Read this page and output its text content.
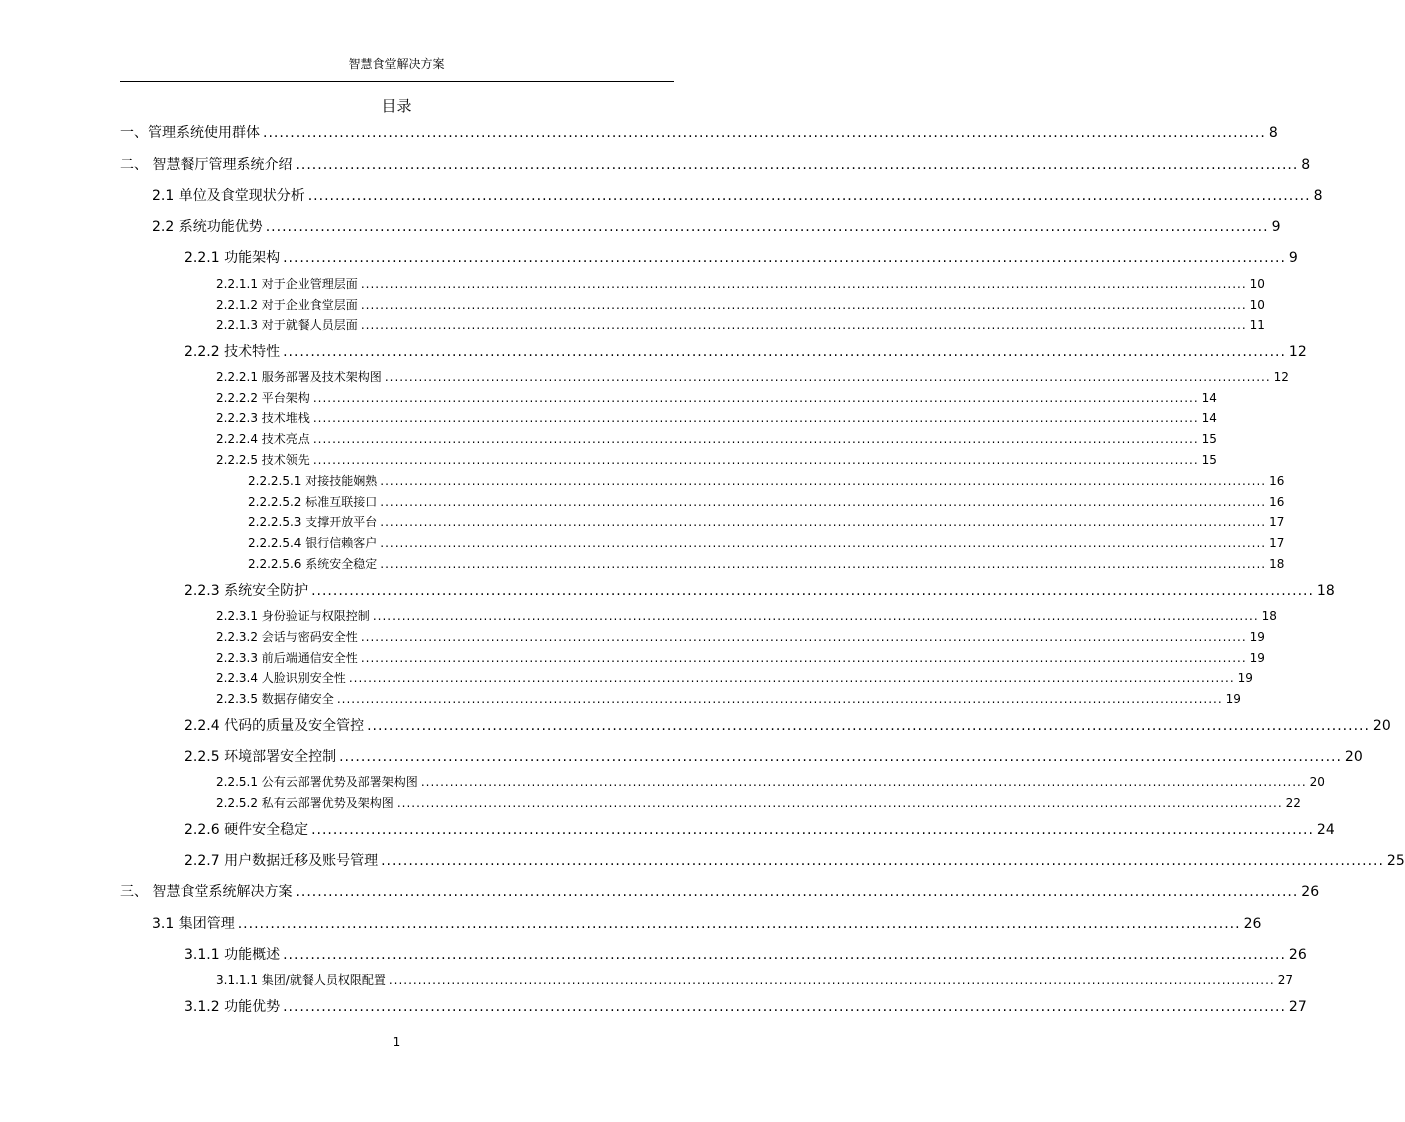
智慧食堂解决方案
目录
一、管理系统使用群体 ........................................................................................................................................................................................ 8
二、 智慧餐厅管理系统介绍 ........................................................................................................................................................................................ 8
2.1 单位及食堂现状分析 ........................................................................................................................................................................................ 8
2.2 系统功能优势 ........................................................................................................................................................................................ 9
2.2.1 功能架构 ........................................................................................................................................................................................ 9
2.2.1.1 对于企业管理层面 ........................................................................................................................................................................................ 10
2.2.1.2 对于企业食堂层面 ........................................................................................................................................................................................ 10
2.2.1.3 对于就餐人员层面 ........................................................................................................................................................................................ 11
2.2.2 技术特性 ........................................................................................................................................................................................ 12
2.2.2.1 服务部署及技术架构图 ........................................................................................................................................................................................ 12
2.2.2.2 平台架构 ........................................................................................................................................................................................ 14
2.2.2.3 技术堆栈 ........................................................................................................................................................................................ 14
2.2.2.4 技术亮点 ........................................................................................................................................................................................ 15
2.2.2.5 技术领先 ........................................................................................................................................................................................ 15
2.2.2.5.1 对接技能娴熟 ........................................................................................................................................................................................ 16
2.2.2.5.2 标准互联接口 ........................................................................................................................................................................................ 16
2.2.2.5.3 支撑开放平台 ........................................................................................................................................................................................ 17
2.2.2.5.4 银行信赖客户 ........................................................................................................................................................................................ 17
2.2.2.5.6 系统安全稳定 ........................................................................................................................................................................................ 18
2.2.3 系统安全防护 ........................................................................................................................................................................................ 18
2.2.3.1 身份验证与权限控制 ........................................................................................................................................................................................ 18
2.2.3.2 会话与密码安全性 ........................................................................................................................................................................................ 19
2.2.3.3 前后端通信安全性 ........................................................................................................................................................................................ 19
2.2.3.4 人脸识别安全性 ........................................................................................................................................................................................ 19
2.2.3.5 数据存储安全 ........................................................................................................................................................................................ 19
2.2.4 代码的质量及安全管控 ........................................................................................................................................................................................ 20
2.2.5 环境部署安全控制 ........................................................................................................................................................................................ 20
2.2.5.1 公有云部署优势及部署架构图 ........................................................................................................................................................................................ 20
2.2.5.2 私有云部署优势及架构图 ........................................................................................................................................................................................ 22
2.2.6 硬件安全稳定 ........................................................................................................................................................................................ 24
2.2.7 用户数据迁移及账号管理 ........................................................................................................................................................................................ 25
三、 智慧食堂系统解决方案 ........................................................................................................................................................................................ 26
3.1 集团管理 ........................................................................................................................................................................................ 26
3.1.1 功能概述 ........................................................................................................................................................................................ 26
3.1.1.1 集团/就餐人员权限配置 ........................................................................................................................................................................................ 27
3.1.2 功能优势 ........................................................................................................................................................................................ 27
1
